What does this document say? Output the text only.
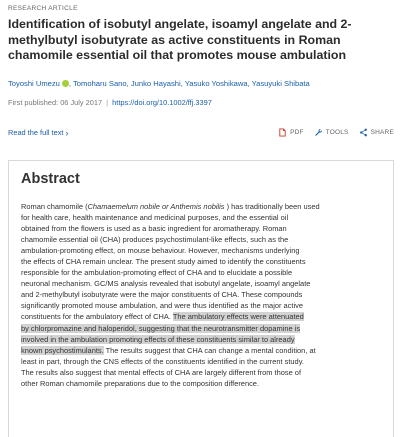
RESEARCH ARTICLE
Identification of isobutyl angelate, isoamyl angelate and 2-methylbutyl isobutyrate as active constituents in Roman chamomile essential oil that promotes mouse ambulation
Toyoshi Umezu , Tomoharu Sano, Junko Hayashi, Yasuko Yoshikawa, Yasuyuki Shibata
First published: 06 July 2017 | https://doi.org/10.1002/ffj.3397
Read the full text ›	PDF	TOOLS	SHARE
Abstract
Roman chamomile (Chamaemelum nobile or Anthemis nobilis ) has traditionally been used
for health care, health maintenance and medicinal purposes, and the essential oil
obtained from the flowers is used as a basic ingredient for aromatherapy. Roman
chamomile essential oil (CHA) produces psychostimulant-like effects, such as the
ambulation-promoting effect, on mouse behaviour. However, mechanisms underlying
the effects of CHA remain unclear. The present study aimed to identify the constituents
responsible for the ambulation-promoting effect of CHA and to elucidate a possible
neuronal mechanism. GC/MS analysis revealed that isobutyl angelate, isoamyl angelate
and 2-methylbutyl isobutyrate were the major constituents of CHA. These compounds
significantly promoted mouse ambulation, and were thus identified as the major active
constituents for the ambulatory effect of CHA. The ambulatory effects were attenuated
by chlorpromazine and haloperidol, suggesting that the neurotransmitter dopamine is
involved in the ambulation promoting effects of these constituents similar to already
known psychostimulants. The results suggest that CHA can change a mental condition, at
least in part, through the CNS effects of the constituents identified in the current study.
The results also suggest that mental effects of CHA are largely different from those of
other Roman chamomile preparations due to the composition difference.
